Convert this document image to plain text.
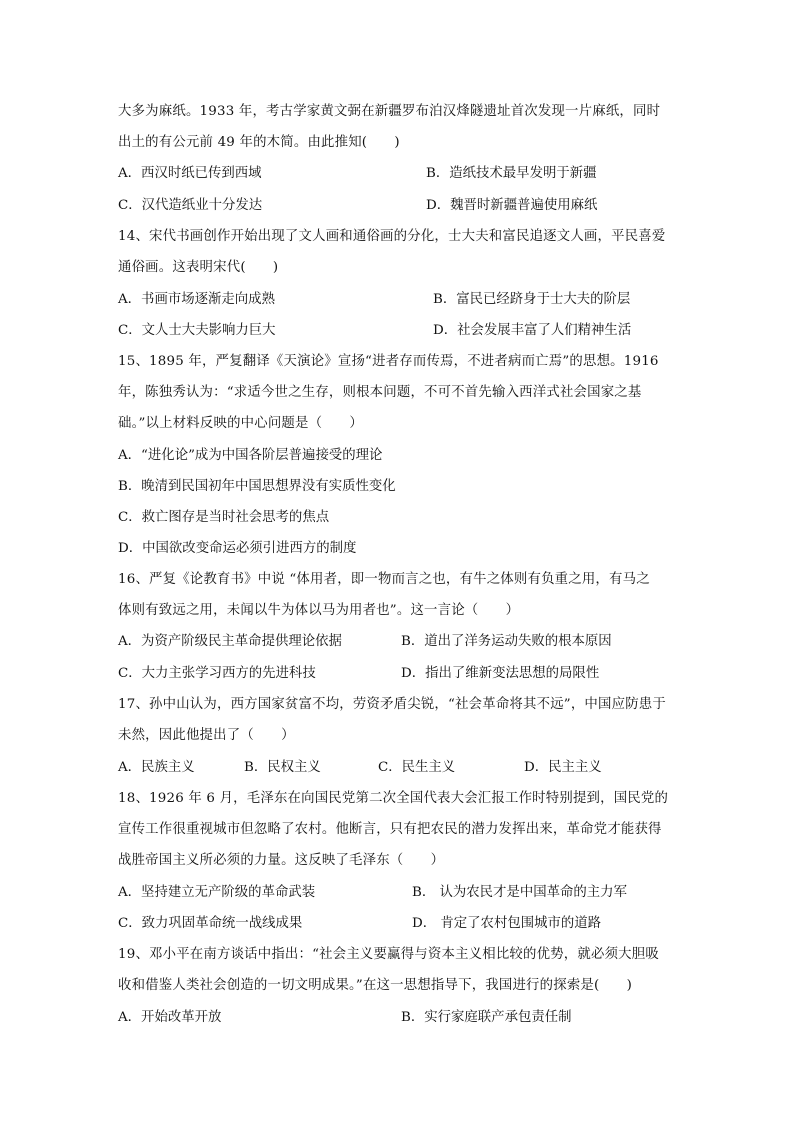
大多为麻纸。1933 年，考古学家黄文弼在新疆罗布泊汉烽隧遗址首次发现一片麻纸，同时
出土的有公元前 49 年的木简。由此推知(　　)
A．西汉时纸已传到西域	B．造纸技术最早发明于新疆
C．汉代造纸业十分发达	D．魏晋时新疆普遍使用麻纸
14、宋代书画创作开始出现了文人画和通俗画的分化，士大夫和富民追逐文人画，平民喜爱
通俗画。这表明宋代(　　)
A．书画市场逐渐走向成熟	B．富民已经跻身于士大夫的阶层
C．文人士大夫影响力巨大	D．社会发展丰富了人们精神生活
15、1895 年，严复翻译《天演论》宣扬“进者存而传焉，不进者病而亡焉”的思想。1916
年，陈独秀认为：“求适今世之生存，则根本问题，不可不首先输入西洋式社会国家之基
础。”以上材料反映的中心问题是（　　）
A．“进化论”成为中国各阶层普遍接受的理论
B．晚清到民国初年中国思想界没有实质性变化
C．救亡图存是当时社会思考的焦点
D．中国欲改变命运必须引进西方的制度
16、严复《论教育书》中说 “体用者，即一物而言之也，有牛之体则有负重之用，有马之
体则有致远之用，未闻以牛为体以马为用者也”。这一言论（　　）
A．为资产阶级民主革命提供理论依据	B．道出了洋务运动失败的根本原因
C．大力主张学习西方的先进科技	D．指出了维新变法思想的局限性
17、孙中山认为，西方国家贫富不均，劳资矛盾尖锐，“社会革命将其不远”，中国应防患于
未然，因此他提出了（　　）
A．民族主义	B．民权主义	C．民生主义	D．民主主义
18、1926 年 6 月，毛泽东在向国民党第二次全国代表大会汇报工作时特别提到，国民党的
宣传工作很重视城市但忽略了农村。他断言，只有把农民的潜力发挥出来，革命党才能获得
战胜帝国主义所必须的力量。这反映了毛泽东（　　）
A．坚持建立无产阶级的革命武装	B． 认为农民才是中国革命的主力军
C．致力巩固革命统一战线成果	D． 肯定了农村包围城市的道路
19、邓小平在南方谈话中指出：“社会主义要赢得与资本主义相比较的优势，就必须大胆吸
收和借鉴人类社会创造的一切文明成果。”在这一思想指导下，我国进行的探索是(　　)
A．开始改革开放	B．实行家庭联产承包责任制
